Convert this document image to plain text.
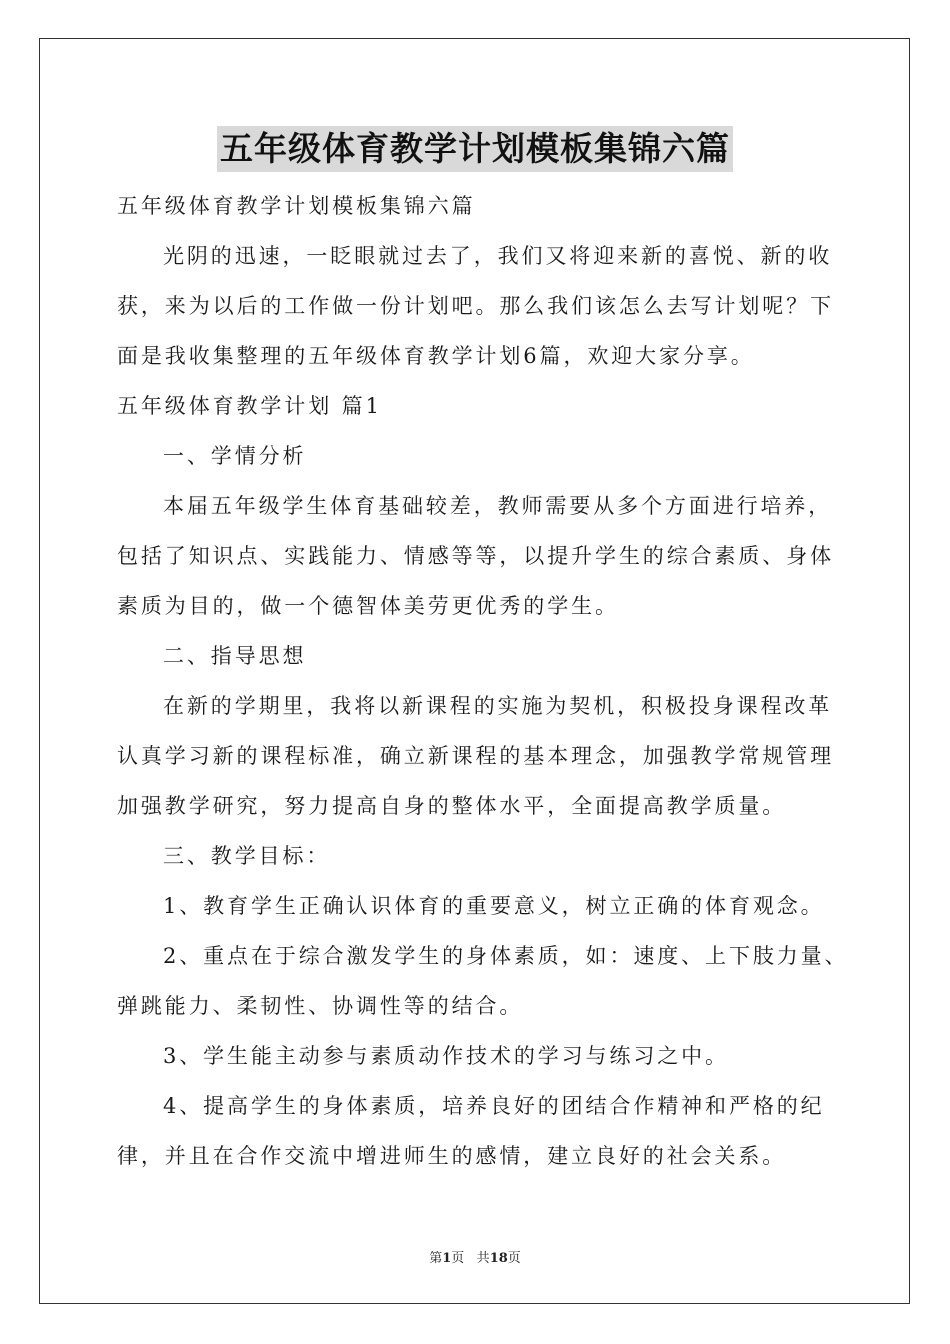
五年级体育教学计划模板集锦六篇
五年级体育教学计划模板集锦六篇
光阴的迅速，一眨眼就过去了，我们又将迎来新的喜悦、新的收
获，来为以后的工作做一份计划吧。那么我们该怎么去写计划呢？下
面是我收集整理的五年级体育教学计划6篇，欢迎大家分享。
五年级体育教学计划 篇1
一、学情分析
本届五年级学生体育基础较差，教师需要从多个方面进行培养，
包括了知识点、实践能力、情感等等，以提升学生的综合素质、身体
素质为目的，做一个德智体美劳更优秀的学生。
二、指导思想
在新的学期里，我将以新课程的实施为契机，积极投身课程改革
认真学习新的课程标准，确立新课程的基本理念，加强教学常规管理
加强教学研究，努力提高自身的整体水平，全面提高教学质量。
三、教学目标：
1、教育学生正确认识体育的重要意义，树立正确的体育观念。
2、重点在于综合激发学生的身体素质，如：速度、上下肢力量、
弹跳能力、柔韧性、协调性等的结合。
3、学生能主动参与素质动作技术的学习与练习之中。
4、提高学生的身体素质，培养良好的团结合作精神和严格的纪
律，并且在合作交流中增进师生的感情，建立良好的社会关系。
第1页 共18页
